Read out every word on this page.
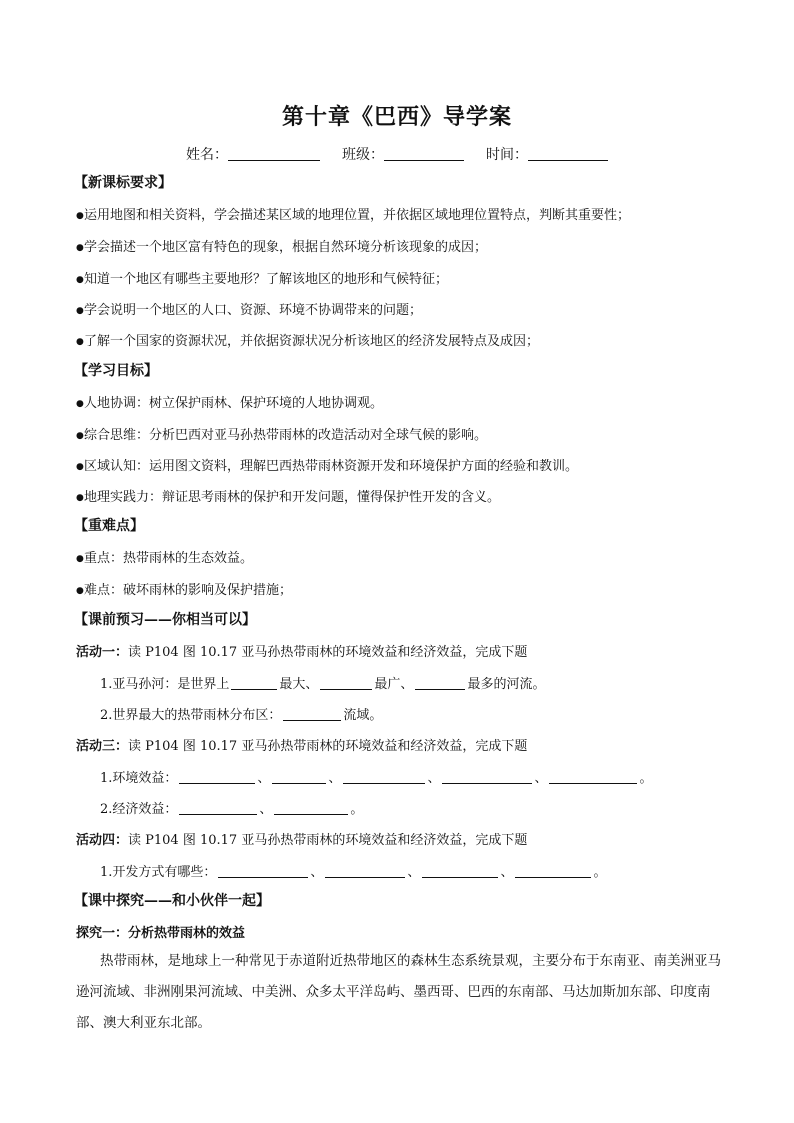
第十章《巴西》导学案
姓名：	班级：	时间：
【新课标要求】
●运用地图和相关资料，学会描述某区域的地理位置，并依据区域地理位置特点，判断其重要性；
●学会描述一个地区富有特色的现象，根据自然环境分析该现象的成因；
●知道一个地区有哪些主要地形？了解该地区的地形和气候特征；
●学会说明一个地区的人口、资源、环境不协调带来的问题；
●了解一个国家的资源状况，并依据资源状况分析该地区的经济发展特点及成因；
【学习目标】
●人地协调：树立保护雨林、保护环境的人地协调观。
●综合思维：分析巴西对亚马孙热带雨林的改造活动对全球气候的影响。
●区域认知：运用图文资料，理解巴西热带雨林资源开发和环境保护方面的经验和教训。
●地理实践力：辩证思考雨林的保护和开发问题，懂得保护性开发的含义。
【重难点】
●重点：热带雨林的生态效益。
●难点：破坏雨林的影响及保护措施；
【课前预习——你相当可以】
活动一：读 P104 图 10.17 亚马孙热带雨林的环境效益和经济效益，完成下题
1.亚马孙河：是世界上	最大、	最广、	最多的河流。
2.世界最大的热带雨林分布区：	流域。
活动三：读 P104 图 10.17 亚马孙热带雨林的环境效益和经济效益，完成下题
1.环境效益：	、	、	、	、	。
2.经济效益：	、	。
活动四：读 P104 图 10.17 亚马孙热带雨林的环境效益和经济效益，完成下题
1.开发方式有哪些：	、	、	、	。
【课中探究——和小伙伴一起】
探究一：分析热带雨林的效益
热带雨林，是地球上一种常见于赤道附近热带地区的森林生态系统景观，主要分布于东南亚、南美洲亚马逊河流域、非洲刚果河流域、中美洲、众多太平洋岛屿、墨西哥、巴西的东南部、马达加斯加东部、印度南部、澳大利亚东北部。
